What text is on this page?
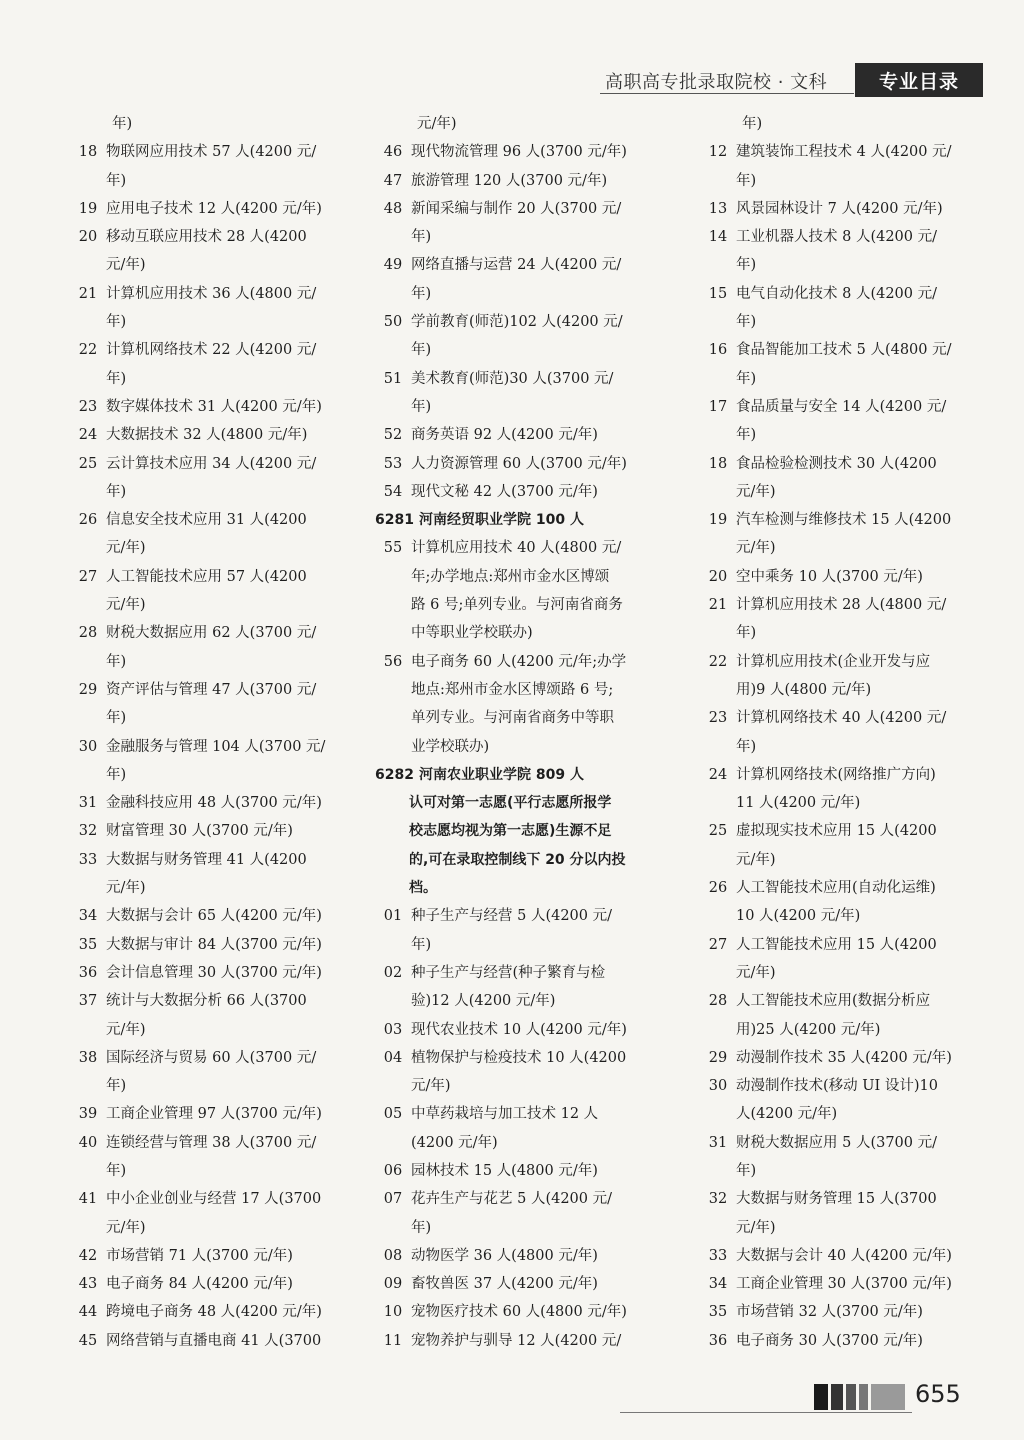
高职高专批录取院校 · 文科	专业目录
年)
18 物联网应用技术 57 人(4200 元/
年)
19 应用电子技术 12 人(4200 元/年)
20 移动互联应用技术 28 人(4200
元/年)
21 计算机应用技术 36 人(4800 元/
年)
22 计算机网络技术 22 人(4200 元/
年)
23 数字媒体技术 31 人(4200 元/年)
24 大数据技术 32 人(4800 元/年)
25 云计算技术应用 34 人(4200 元/
年)
26 信息安全技术应用 31 人(4200
元/年)
27 人工智能技术应用 57 人(4200
元/年)
28 财税大数据应用 62 人(3700 元/
年)
29 资产评估与管理 47 人(3700 元/
年)
30 金融服务与管理 104 人(3700 元/
年)
31 金融科技应用 48 人(3700 元/年)
32 财富管理 30 人(3700 元/年)
33 大数据与财务管理 41 人(4200
元/年)
34 大数据与会计 65 人(4200 元/年)
35 大数据与审计 84 人(3700 元/年)
36 会计信息管理 30 人(3700 元/年)
37 统计与大数据分析 66 人(3700
元/年)
38 国际经济与贸易 60 人(3700 元/
年)
39 工商企业管理 97 人(3700 元/年)
40 连锁经营与管理 38 人(3700 元/
年)
41 中小企业创业与经营 17 人(3700
元/年)
42 市场营销 71 人(3700 元/年)
43 电子商务 84 人(4200 元/年)
44 跨境电子商务 48 人(4200 元/年)
45 网络营销与直播电商 41 人(3700
元/年)
46 现代物流管理 96 人(3700 元/年)
47 旅游管理 120 人(3700 元/年)
48 新闻采编与制作 20 人(3700 元/
年)
49 网络直播与运营 24 人(4200 元/
年)
50 学前教育(师范)102 人(4200 元/
年)
51 美术教育(师范)30 人(3700 元/
年)
52 商务英语 92 人(4200 元/年)
53 人力资源管理 60 人(3700 元/年)
54 现代文秘 42 人(3700 元/年)
6281 河南经贸职业学院 100 人
55 计算机应用技术 40 人(4800 元/
年;办学地点:郑州市金水区博颂
路 6 号;单列专业。与河南省商务
中等职业学校联办)
56 电子商务 60 人(4200 元/年;办学
地点:郑州市金水区博颂路 6 号;
单列专业。与河南省商务中等职
业学校联办)
6282 河南农业职业学院 809 人
认可对第一志愿(平行志愿所报学
校志愿均视为第一志愿)生源不足
的,可在录取控制线下 20 分以内投
档。
01 种子生产与经营 5 人(4200 元/
年)
02 种子生产与经营(种子繁育与检
验)12 人(4200 元/年)
03 现代农业技术 10 人(4200 元/年)
04 植物保护与检疫技术 10 人(4200
元/年)
05 中草药栽培与加工技术 12 人
(4200 元/年)
06 园林技术 15 人(4800 元/年)
07 花卉生产与花艺 5 人(4200 元/
年)
08 动物医学 36 人(4800 元/年)
09 畜牧兽医 37 人(4200 元/年)
10 宠物医疗技术 60 人(4800 元/年)
11 宠物养护与驯导 12 人(4200 元/
年)
12 建筑装饰工程技术 4 人(4200 元/
年)
13 风景园林设计 7 人(4200 元/年)
14 工业机器人技术 8 人(4200 元/
年)
15 电气自动化技术 8 人(4200 元/
年)
16 食品智能加工技术 5 人(4800 元/
年)
17 食品质量与安全 14 人(4200 元/
年)
18 食品检验检测技术 30 人(4200
元/年)
19 汽车检测与维修技术 15 人(4200
元/年)
20 空中乘务 10 人(3700 元/年)
21 计算机应用技术 28 人(4800 元/
年)
22 计算机应用技术(企业开发与应
用)9 人(4800 元/年)
23 计算机网络技术 40 人(4200 元/
年)
24 计算机网络技术(网络推广方向)
11 人(4200 元/年)
25 虚拟现实技术应用 15 人(4200
元/年)
26 人工智能技术应用(自动化运维)
10 人(4200 元/年)
27 人工智能技术应用 15 人(4200
元/年)
28 人工智能技术应用(数据分析应
用)25 人(4200 元/年)
29 动漫制作技术 35 人(4200 元/年)
30 动漫制作技术(移动 UI 设计)10
人(4200 元/年)
31 财税大数据应用 5 人(3700 元/
年)
32 大数据与财务管理 15 人(3700
元/年)
33 大数据与会计 40 人(4200 元/年)
34 工商企业管理 30 人(3700 元/年)
35 市场营销 32 人(3700 元/年)
36 电子商务 30 人(3700 元/年)
655
